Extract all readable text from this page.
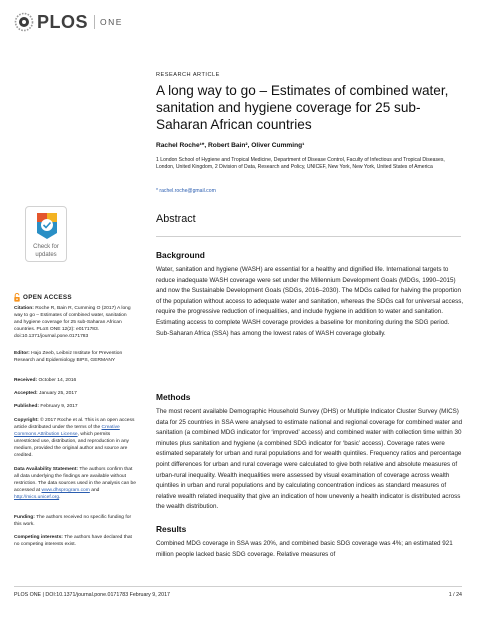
PLOS ONE
Check for
updates
OPEN ACCESS

Citation: Roche R, Bain R, Cumming O (2017) A long way to go – Estimates of combined water, sanitation and hygiene coverage for 25 sub-Saharan African countries. PLoS ONE 12(2): e0171783. doi:10.1371/journal.pone.0171783

Editor: Hajo Zeeb, Leibniz Institute for Prevention Research and Epidemiology BIPS, GERMANY

Received: October 14, 2016

Accepted: January 25, 2017

Published: February 9, 2017

Copyright: © 2017 Roche et al. This is an open access article distributed under the terms of the Creative Commons Attribution License, which permits unrestricted use, distribution, and reproduction in any medium, provided the original author and source are credited.

Data Availability Statement: The authors confirm that all data underlying the findings are available without restriction. The data sources used in the analysis can be accessed at www.dhsprogram.com and http://mics.unicef.org.

Funding: The authors received no specific funding for this work.

Competing interests: The authors have declared that no competing interests exist.

RESEARCH ARTICLE
A long way to go – Estimates of combined water, sanitation and hygiene coverage for 25 sub-Saharan African countries
Rachel Roche¹*, Robert Bain², Oliver Cumming¹
1 London School of Hygiene and Tropical Medicine, Department of Disease Control, Faculty of Infectious and Tropical Diseases, London, United Kingdom, 2 Division of Data, Research and Policy, UNICEF, New York, New York, United States of America
* rachel.roche@gmail.com
Abstract
Background

Water, sanitation and hygiene (WASH) are essential for a healthy and dignified life. International targets to reduce inadequate WASH coverage were set under the Millennium Development Goals (MDGs, 1990–2015) and now the Sustainable Development Goals (SDGs, 2016–2030). The MDGs called for halving the proportion of the population without access to adequate water and sanitation, whereas the SDGs call for universal access, require the progressive reduction of inequalities, and include hygiene in addition to water and sanitation. Estimating access to complete WASH coverage provides a baseline for monitoring during the SDG period. Sub-Saharan Africa (SSA) has among the lowest rates of WASH coverage globally.

Methods

The most recent available Demographic Household Survey (DHS) or Multiple Indicator Cluster Survey (MICS) data for 25 countries in SSA were analysed to estimate national and regional coverage for combined water and sanitation (a combined MDG indicator for ‘improved’ access) and combined water with collection time within 30 minutes plus sanitation and hygiene (a combined SDG indicator for ‘basic’ access). Coverage rates were estimated separately for urban and rural populations and for wealth quintiles. Frequency ratios and percentage point differences for urban and rural coverage were calculated to give both relative and absolute measures of urban-rural inequality. Wealth inequalities were assessed by visual examination of coverage across wealth quintiles in urban and rural populations and by calculating concentration indices as standard measures of relative wealth related inequality that give an indication of how unevenly a health indicator is distributed across the wealth distribution.

Results

Combined MDG coverage in SSA was 20%, and combined basic SDG coverage was 4%; an estimated 921 million people lacked basic SDG coverage. Relative measures of

PLOS ONE | DOI:10.1371/journal.pone.0171783 February 9, 2017	1 / 24
